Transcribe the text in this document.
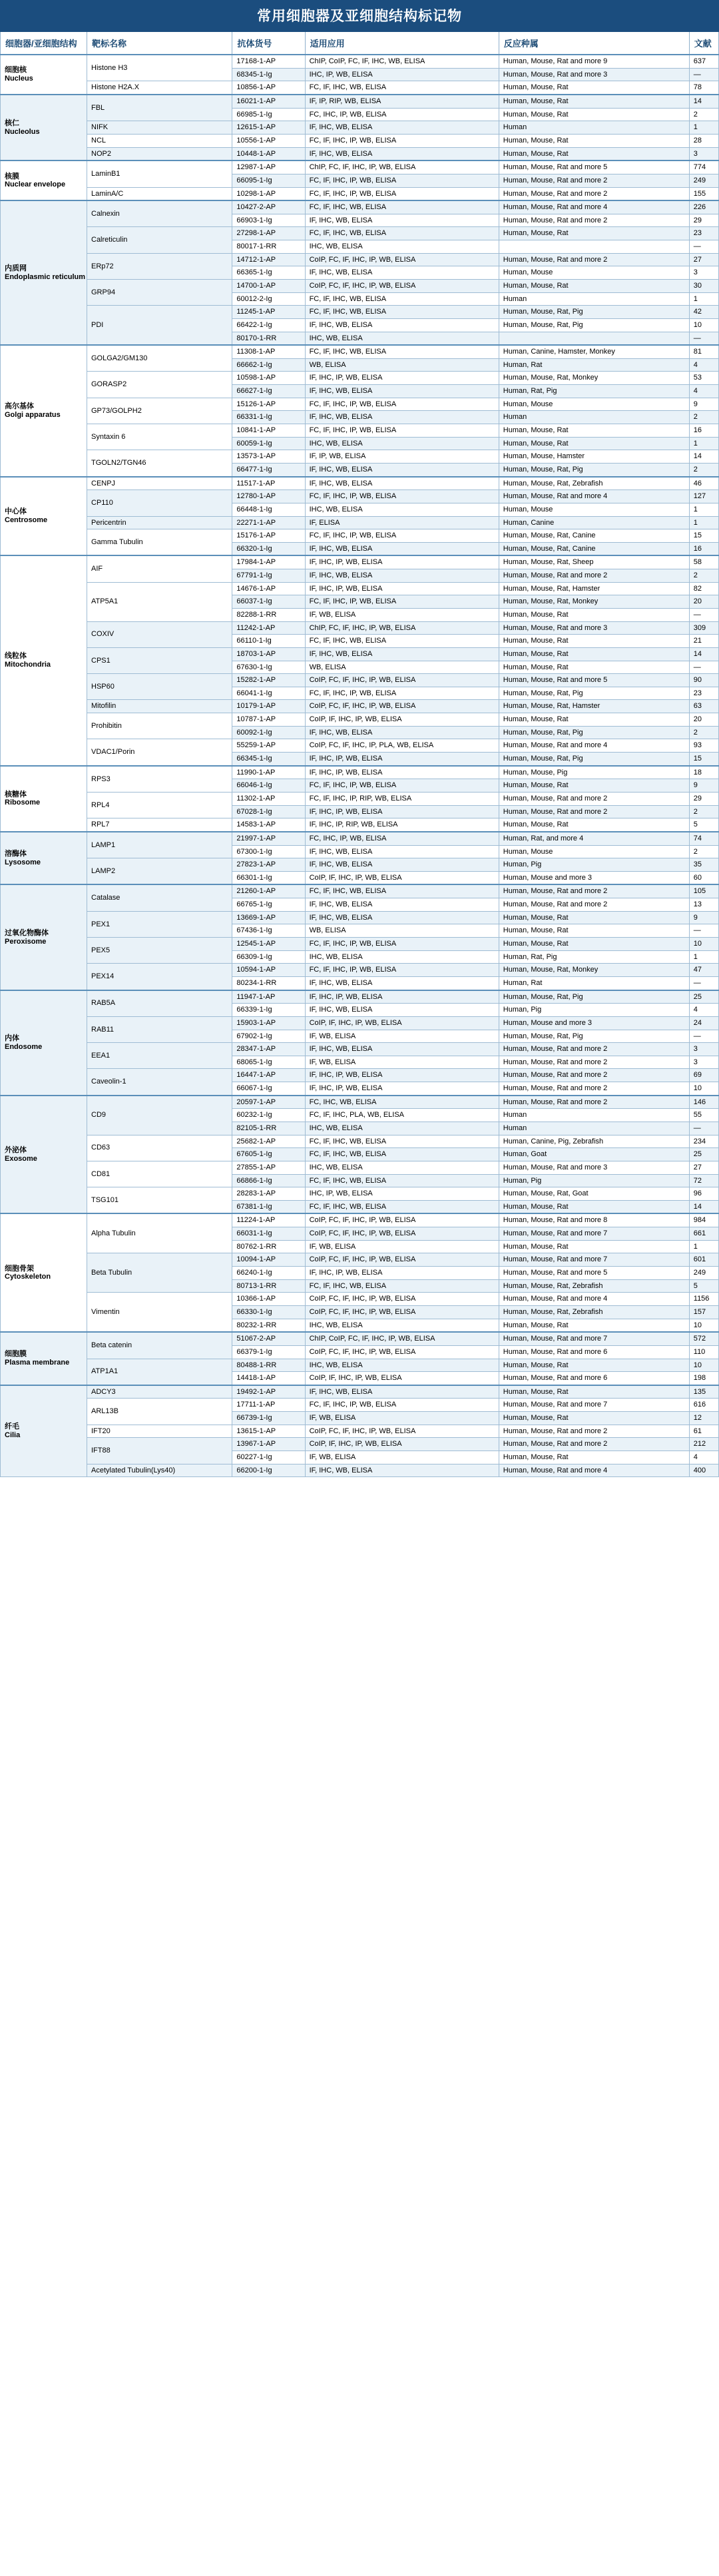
常用细胞器及亚细胞结构标记物
细胞器/亚细胞结构	靶标名称	抗体货号	适用应用	反应种属	文献

细胞核
Nucleus	Histone H3	17168-1-AP	ChIP, CoIP, FC, IF, IHC, WB, ELISA	Human, Mouse, Rat and more 9	637
		68345-1-Ig	IHC, IP, WB, ELISA	Human, Mouse, Rat and more 3	—
	Histone H2A.X	10856-1-AP	FC, IF, IHC, WB, ELISA	Human, Mouse, Rat	78

核仁
Nucleolus	FBL	16021-1-AP	IF, IP, RIP, WB, ELISA	Human, Mouse, Rat	14
		66985-1-Ig	FC, IHC, IP, WB, ELISA	Human, Mouse, Rat	2
	NIFK	12615-1-AP	IF, IHC, WB, ELISA	Human	1
	NCL	10556-1-AP	FC, IF, IHC, IP, WB, ELISA	Human, Mouse, Rat	28
	NOP2	10448-1-AP	IF, IHC, WB, ELISA	Human, Mouse, Rat	3

核膜
Nuclear envelope	LaminB1	12987-1-AP	ChIP, FC, IF, IHC, IP, WB, ELISA	Human, Mouse, Rat and more 5	774
		66095-1-Ig	FC, IF, IHC, IP, WB, ELISA	Human, Mouse, Rat and more 2	249
	LaminA/C	10298-1-AP	FC, IF, IHC, IP, WB, ELISA	Human, Mouse, Rat and more 2	155

内质网
Endoplasmic reticulum	Calnexin	10427-2-AP	FC, IF, IHC, WB, ELISA	Human, Mouse, Rat and more 4	226
		66903-1-Ig	IF, IHC, WB, ELISA	Human, Mouse, Rat and more 2	29
	Calreticulin	27298-1-AP	FC, IF, IHC, WB, ELISA	Human, Mouse, Rat	23
		80017-1-RR	IHC, WB, ELISA		—
	ERp72	14712-1-AP	CoIP, FC, IF, IHC, IP, WB, ELISA	Human, Mouse, Rat and more 2	27
		66365-1-Ig	IF, IHC, WB, ELISA	Human, Mouse	3
	GRP94	14700-1-AP	CoIP, FC, IF, IHC, IP, WB, ELISA	Human, Mouse, Rat	30
		60012-2-Ig	FC, IF, IHC, WB, ELISA	Human	1
	PDI	11245-1-AP	FC, IF, IHC, WB, ELISA	Human, Mouse, Rat, Pig	42
		66422-1-Ig	IF, IHC, WB, ELISA	Human, Mouse, Rat, Pig	10
		80170-1-RR	IHC, WB, ELISA		—

高尔基体
Golgi apparatus	GOLGA2/GM130	11308-1-AP	FC, IF, IHC, WB, ELISA	Human, Canine, Hamster, Monkey	81
		66662-1-Ig	WB, ELISA	Human, Rat	4
	GORASP2	10598-1-AP	IF, IHC, IP, WB, ELISA	Human, Mouse, Rat, Monkey	53
		66627-1-Ig	IF, IHC, WB, ELISA	Human, Rat, Pig	4
	GP73/GOLPH2	15126-1-AP	FC, IF, IHC, IP, WB, ELISA	Human, Mouse	9
		66331-1-Ig	IF, IHC, WB, ELISA	Human	2
	Syntaxin 6	10841-1-AP	FC, IF, IHC, IP, WB, ELISA	Human, Mouse, Rat	16
		60059-1-Ig	IHC, WB, ELISA	Human, Mouse, Rat	1
	TGOLN2/TGN46	13573-1-AP	IF, IP, WB, ELISA	Human, Mouse, Hamster	14
		66477-1-Ig	IF, IHC, WB, ELISA	Human, Mouse, Rat, Pig	2

中心体
Centrosome	CENPJ	11517-1-AP	IF, IHC, WB, ELISA	Human, Mouse, Rat, Zebrafish	46
	CP110	12780-1-AP	FC, IF, IHC, IP, WB, ELISA	Human, Mouse, Rat and more 4	127
		66448-1-Ig	IHC, WB, ELISA	Human, Mouse	1
	Pericentrin	22271-1-AP	IF, ELISA	Human, Canine	1
	Gamma Tubulin	15176-1-AP	FC, IF, IHC, IP, WB, ELISA	Human, Mouse, Rat, Canine	15
		66320-1-Ig	IF, IHC, WB, ELISA	Human, Mouse, Rat, Canine	16

线粒体
Mitochondria	AIF	17984-1-AP	IF, IHC, IP, WB, ELISA	Human, Mouse, Rat, Sheep	58
		67791-1-Ig	IF, IHC, WB, ELISA	Human, Mouse, Rat and more 2	2
	ATP5A1	14676-1-AP	IF, IHC, IP, WB, ELISA	Human, Mouse, Rat, Hamster	82
		66037-1-Ig	FC, IF, IHC, IP, WB, ELISA	Human, Mouse, Rat, Monkey	20
		82288-1-RR	IF, WB, ELISA	Human, Mouse, Rat	—
	COXIV	11242-1-AP	ChIP, FC, IF, IHC, IP, WB, ELISA	Human, Mouse, Rat and more 3	309
		66110-1-Ig	FC, IF, IHC, WB, ELISA	Human, Mouse, Rat	21
	CPS1	18703-1-AP	IF, IHC, WB, ELISA	Human, Mouse, Rat	14
		67630-1-Ig	WB, ELISA	Human, Mouse, Rat	—
	HSP60	15282-1-AP	CoIP, FC, IF, IHC, IP, WB, ELISA	Human, Mouse, Rat and more 5	90
		66041-1-Ig	FC, IF, IHC, IP, WB, ELISA	Human, Mouse, Rat, Pig	23
	Mitofilin	10179-1-AP	CoIP, FC, IF, IHC, IP, WB, ELISA	Human, Mouse, Rat, Hamster	63
	Prohibitin	10787-1-AP	CoIP, IF, IHC, IP, WB, ELISA	Human, Mouse, Rat	20
		60092-1-Ig	IF, IHC, WB, ELISA	Human, Mouse, Rat, Pig	2
	VDAC1/Porin	55259-1-AP	CoIP, FC, IF, IHC, IP, PLA, WB, ELISA	Human, Mouse, Rat and more 4	93
		66345-1-Ig	IF, IHC, IP, WB, ELISA	Human, Mouse, Rat, Pig	15

核糖体
Ribosome	RPS3	11990-1-AP	IF, IHC, IP, WB, ELISA	Human, Mouse, Pig	18
		66046-1-Ig	FC, IF, IHC, IP, WB, ELISA	Human, Mouse, Rat	9
	RPL4	11302-1-AP	FC, IF, IHC, IP, RIP, WB, ELISA	Human, Mouse, Rat and more 2	29
		67028-1-Ig	IF, IHC, IP, WB, ELISA	Human, Mouse, Rat and more 2	2
	RPL7	14583-1-AP	IF, IHC, IP, RIP, WB, ELISA	Human, Mouse, Rat	5

溶酶体
Lysosome	LAMP1	21997-1-AP	FC, IHC, IP, WB, ELISA	Human, Rat, and more 4	74
		67300-1-Ig	IF, IHC, WB, ELISA	Human, Mouse	2
	LAMP2	27823-1-AP	IF, IHC, WB, ELISA	Human, Pig	35
		66301-1-Ig	CoIP, IF, IHC, IP, WB, ELISA	Human, Mouse and more 3	60

过氧化物酶体
Peroxisome	Catalase	21260-1-AP	FC, IF, IHC, WB, ELISA	Human, Mouse, Rat and more 2	105
		66765-1-Ig	IF, IHC, WB, ELISA	Human, Mouse, Rat and more 2	13
	PEX1	13669-1-AP	IF, IHC, WB, ELISA	Human, Mouse, Rat	9
		67436-1-Ig	WB, ELISA	Human, Mouse, Rat	—
	PEX5	12545-1-AP	FC, IF, IHC, IP, WB, ELISA	Human, Mouse, Rat	10
		66309-1-Ig	IHC, WB, ELISA	Human, Rat, Pig	1
	PEX14	10594-1-AP	FC, IF, IHC, IP, WB, ELISA	Human, Mouse, Rat, Monkey	47
		80234-1-RR	IF, IHC, WB, ELISA	Human, Rat	—

内体
Endosome	RAB5A	11947-1-AP	IF, IHC, IP, WB, ELISA	Human, Mouse, Rat, Pig	25
		66339-1-Ig	IF, IHC, WB, ELISA	Human, Pig	4
	RAB11	15903-1-AP	CoIP, IF, IHC, IP, WB, ELISA	Human, Mouse and more 3	24
		67902-1-Ig	IF, WB, ELISA	Human, Mouse, Rat, Pig	—
	EEA1	28347-1-AP	IF, IHC, WB, ELISA	Human, Mouse, Rat and more 2	3
		68065-1-Ig	IF, WB, ELISA	Human, Mouse, Rat and more 2	3
	Caveolin-1	16447-1-AP	IF, IHC, IP, WB, ELISA	Human, Mouse, Rat and more 2	69
		66067-1-Ig	IF, IHC, IP, WB, ELISA	Human, Mouse, Rat and more 2	10

外泌体
Exosome	CD9	20597-1-AP	FC, IHC, WB, ELISA	Human, Mouse, Rat and more 2	146
		60232-1-Ig	FC, IF, IHC, PLA, WB, ELISA	Human	55
		82105-1-RR	IHC, WB, ELISA	Human	—
	CD63	25682-1-AP	FC, IF, IHC, WB, ELISA	Human, Canine, Pig, Zebrafish	234
		67605-1-Ig	FC, IF, IHC, WB, ELISA	Human, Goat	25
	CD81	27855-1-AP	IHC, WB, ELISA	Human, Mouse, Rat and more 3	27
		66866-1-Ig	FC, IF, IHC, WB, ELISA	Human, Pig	72
	TSG101	28283-1-AP	IHC, IP, WB, ELISA	Human, Mouse, Rat, Goat	96
		67381-1-Ig	FC, IF, IHC, WB, ELISA	Human, Mouse, Rat	14

细胞骨架
Cytoskeleton	Alpha Tubulin	11224-1-AP	CoIP, FC, IF, IHC, IP, WB, ELISA	Human, Mouse, Rat and more 8	984
		66031-1-Ig	CoIP, FC, IF, IHC, IP, WB, ELISA	Human, Mouse, Rat and more 7	661
		80762-1-RR	IF, WB, ELISA	Human, Mouse, Rat	1
	Beta Tubulin	10094-1-AP	CoIP, FC, IF, IHC, IP, WB, ELISA	Human, Mouse, Rat and more 7	601
		66240-1-Ig	IF, IHC, IP, WB, ELISA	Human, Mouse, Rat and more 5	249
		80713-1-RR	FC, IF, IHC, WB, ELISA	Human, Mouse, Rat, Zebrafish	5
	Vimentin	10366-1-AP	CoIP, FC, IF, IHC, IP, WB, ELISA	Human, Mouse, Rat and more 4	1156
		66330-1-Ig	CoIP, FC, IF, IHC, IP, WB, ELISA	Human, Mouse, Rat, Zebrafish	157
		80232-1-RR	IHC, WB, ELISA	Human, Mouse, Rat	10

细胞膜
Plasma membrane	Beta catenin	51067-2-AP	ChIP, CoIP, FC, IF, IHC, IP, WB, ELISA	Human, Mouse, Rat and more 7	572
		66379-1-Ig	CoIP, FC, IF, IHC, IP, WB, ELISA	Human, Mouse, Rat and more 6	110
	ATP1A1	80488-1-RR	IHC, WB, ELISA	Human, Mouse, Rat	10
		14418-1-AP	CoIP, IF, IHC, IP, WB, ELISA	Human, Mouse, Rat and more 6	198

纤毛
Cilia	ADCY3	19492-1-AP	IF, IHC, WB, ELISA	Human, Mouse, Rat	135
	ARL13B	17711-1-AP	FC, IF, IHC, IP, WB, ELISA	Human, Mouse, Rat and more 7	616
		66739-1-Ig	IF, WB, ELISA	Human, Mouse, Rat	12
	IFT20	13615-1-AP	CoIP, FC, IF, IHC, IP, WB, ELISA	Human, Mouse, Rat and more 2	61
	IFT88	13967-1-AP	CoIP, IF, IHC, IP, WB, ELISA	Human, Mouse, Rat and more 2	212
		60227-1-Ig	IF, WB, ELISA	Human, Mouse, Rat	4
	Acetylated Tubulin(Lys40)	66200-1-Ig	IF, IHC, WB, ELISA	Human, Mouse, Rat and more 4	400
